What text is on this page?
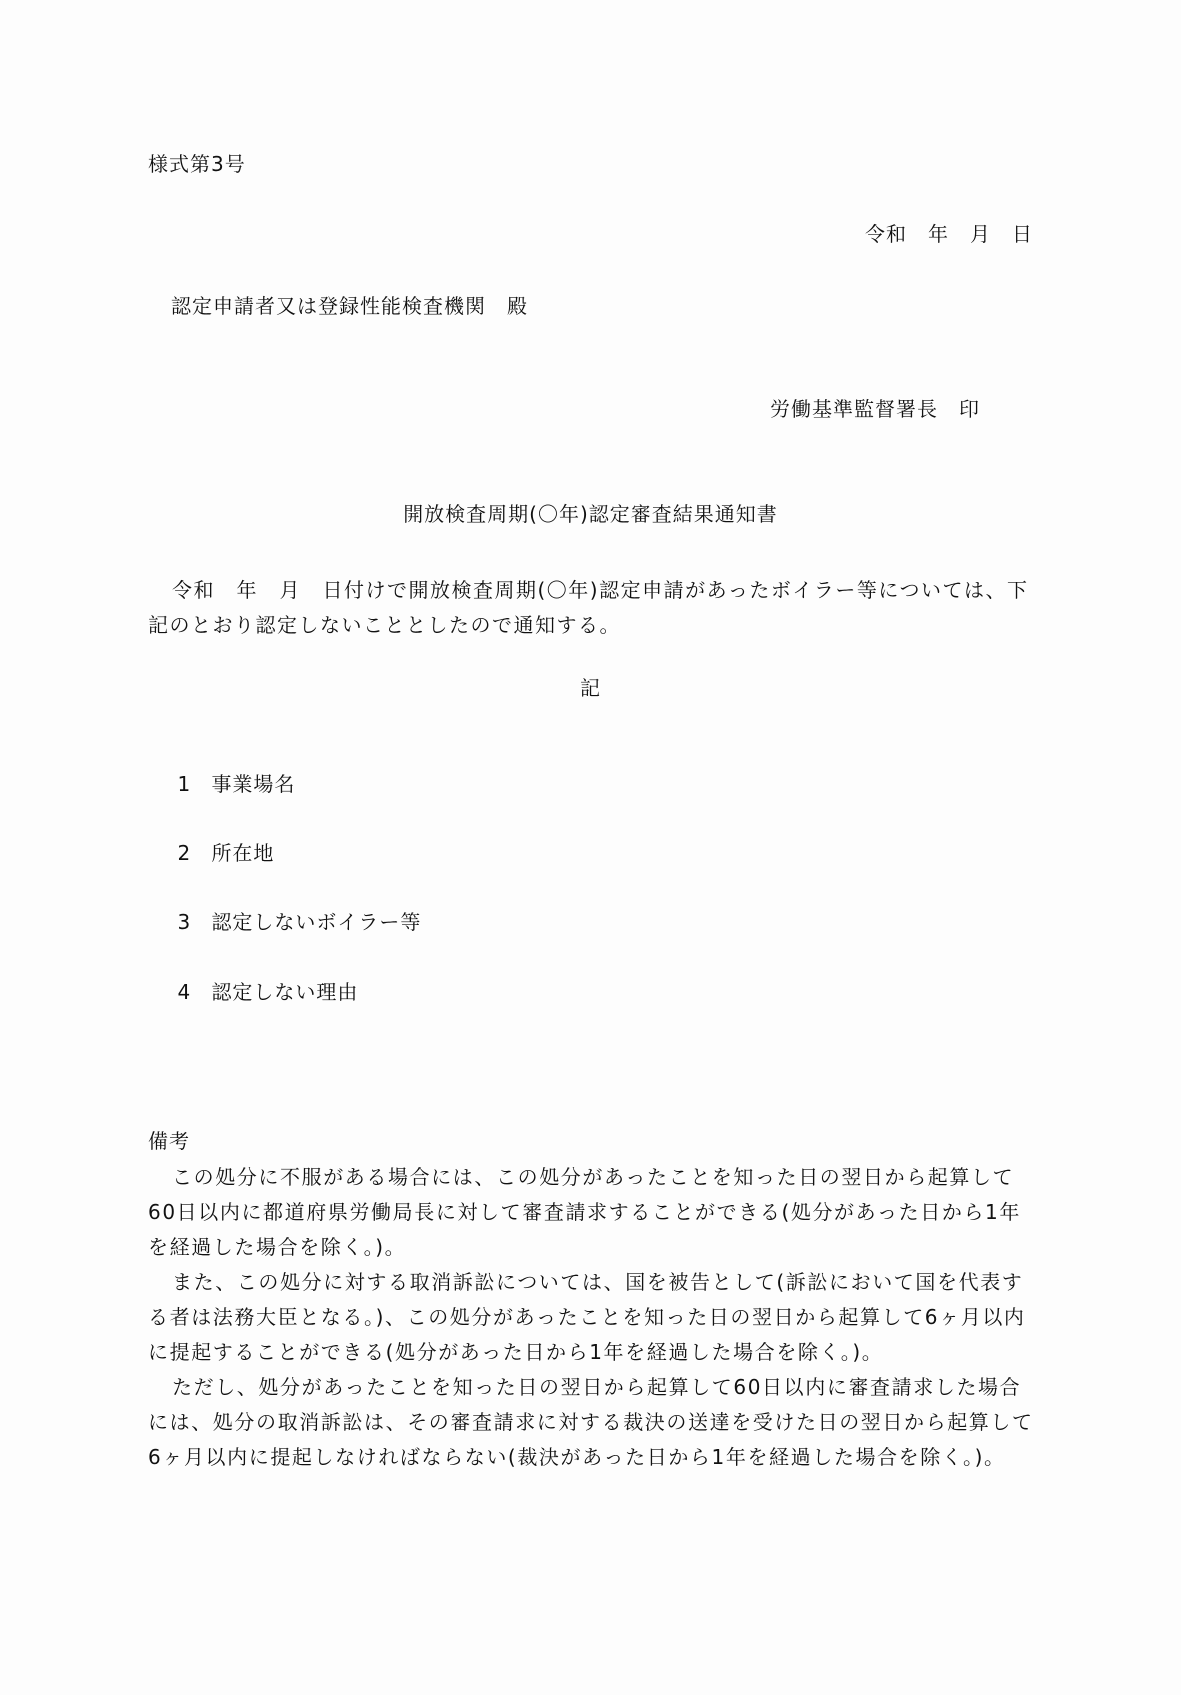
様式第3号
令和　年　月　日
認定申請者又は登録性能検査機関　殿
労働基準監督署長　印
開放検査周期(〇年)認定審査結果通知書

令和　年　月　日付けで開放検査周期(〇年)認定申請があったボイラー等については、下記のとおり認定しないこととしたので通知する。

記

1 事業場名

2 所在地

3 認定しないボイラー等

4 認定しない理由

備考

この処分に不服がある場合には、この処分があったことを知った日の翌日から起算して60日以内に都道府県労働局長に対して審査請求することができる(処分があった日から1年を経過した場合を除く。)。

また、この処分に対する取消訴訟については、国を被告として(訴訟において国を代表する者は法務大臣となる。)、この処分があったことを知った日の翌日から起算して6ヶ月以内に提起することができる(処分があった日から1年を経過した場合を除く。)。

ただし、処分があったことを知った日の翌日から起算して60日以内に審査請求した場合には、処分の取消訴訟は、その審査請求に対する裁決の送達を受けた日の翌日から起算して6ヶ月以内に提起しなければならない(裁決があった日から1年を経過した場合を除く。)。
